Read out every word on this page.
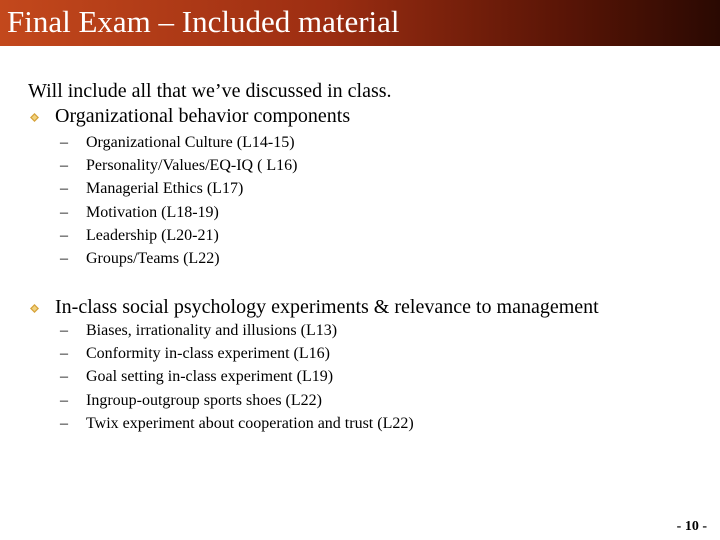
Final Exam – Included material
Will include all that we’ve discussed in class.
Organizational behavior components
– Organizational Culture (L14-15)
– Personality/Values/EQ-IQ ( L16)
– Managerial Ethics (L17)
– Motivation (L18-19)
– Leadership (L20-21)
– Groups/Teams (L22)
In-class social psychology experiments & relevance to management
– Biases, irrationality and illusions (L13)
– Conformity in-class experiment (L16)
– Goal setting in-class experiment (L19)
– Ingroup-outgroup sports shoes (L22)
– Twix experiment about cooperation and trust (L22)
- 10 -
